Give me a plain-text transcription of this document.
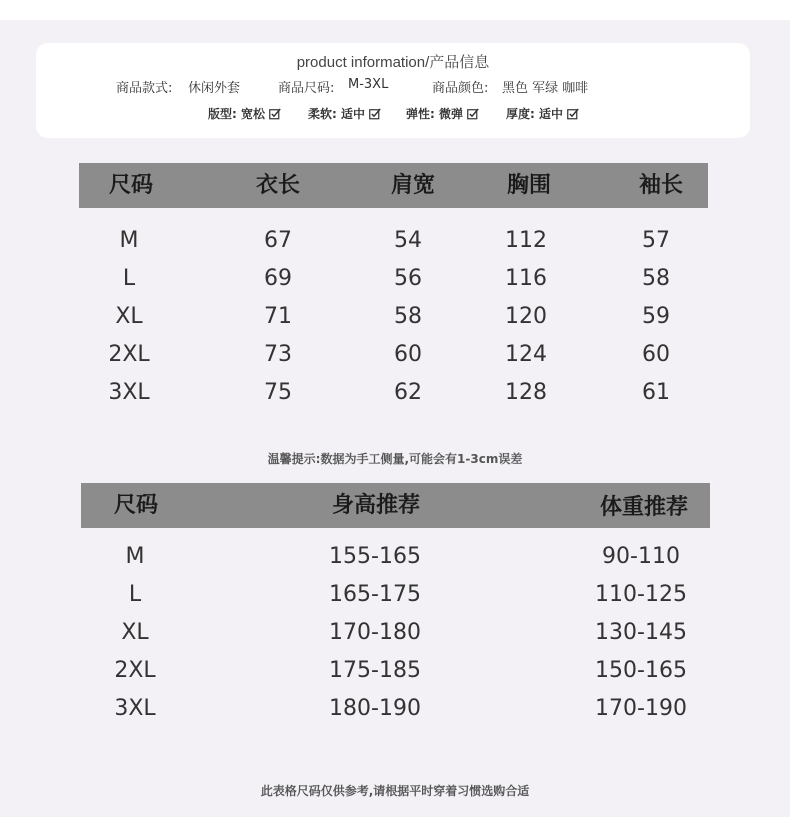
product information/产品信息
商品款式: 休闲外套	商品尺码: M-3XL	商品颜色: 黑色 军绿 咖啡
版型: 宽松	柔软: 适中	弹性: 微弹	厚度: 适中
尺码	衣长	肩宽	胸围	袖长
M	67	54	112	57
L	69	56	116	58
XL	71	58	120	59
2XL	73	60	124	60
3XL	75	62	128	61
温馨提示:数据为手工侧量,可能会有1-3cm误差
尺码	身高推荐	体重推荐
M	155-165	90-110
L	165-175	110-125
XL	170-180	130-145
2XL	175-185	150-165
3XL	180-190	170-190
此表格尺码仅供参考,请根据平时穿着习惯选购合适
